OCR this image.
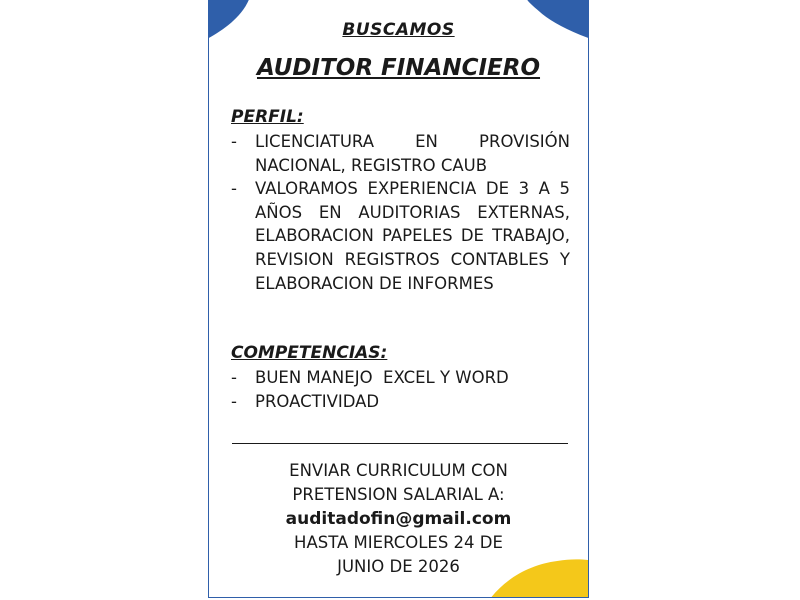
BUSCAMOS
AUDITOR FINANCIERO
PERFIL:
- LICENCIATURA EN PROVISIÓN NACIONAL, REGISTRO CAUB
- VALORAMOS EXPERIENCIA DE 3 A 5 AÑOS EN AUDITORIAS EXTERNAS, ELABORACION PAPELES DE TRABAJO, REVISION REGISTROS CONTABLES Y ELABORACION DE INFORMES
COMPETENCIAS:
- BUEN MANEJO  EXCEL Y WORD
- PROACTIVIDAD
ENVIAR CURRICULUM CON
PRETENSION SALARIAL A:
auditadofin@gmail.com
HASTA MIERCOLES 24 DE
JUNIO DE 2026
